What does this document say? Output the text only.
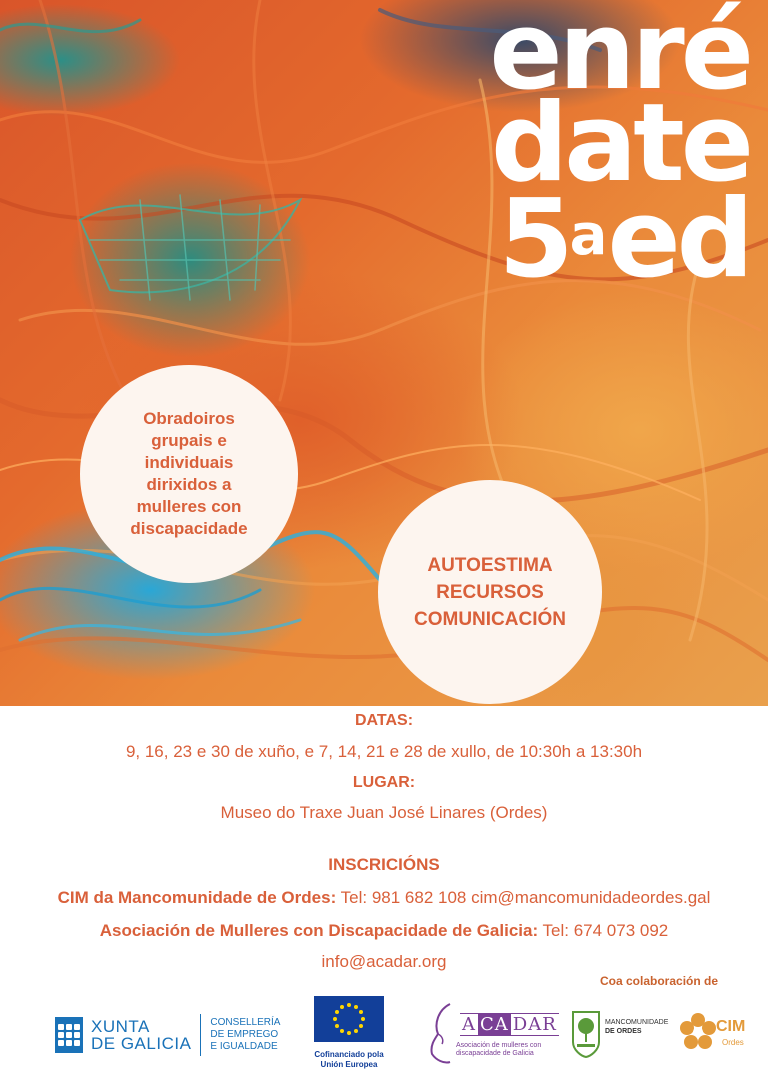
enré
date
5$^a$ed
Obradoiros
grupais e
individuais
dirixidos a
mulleres con
discapacidade
AUTOESTIMA
RECURSOS
COMUNICACIÓN
DATAS:
9, 16, 23 e 30 de xuño, e 7, 14, 21 e 28 de xullo, de 10:30h a 13:30h
LUGAR:
Museo do Traxe Juan José Linares (Ordes)
INSCRICIÓNS
CIM da Mancomunidade de Ordes: Tel: 981 682 108 cim@mancomunidadeordes.gal
Asociación de Mulleres con Discapacidade de Galicia: Tel: 674 073 092
info@acadar.org
Coa colaboración de
XUNTA
DE GALICIA
CONSELLERÍA
DE EMPREGO
E IGUALDADE
Cofinanciado pola
Unión Europea
A CA DAR
Asociación de mulleres con discapacidade de Galicia
MANCOMUNIDADE
DE ORDES	CIM
Ordes
